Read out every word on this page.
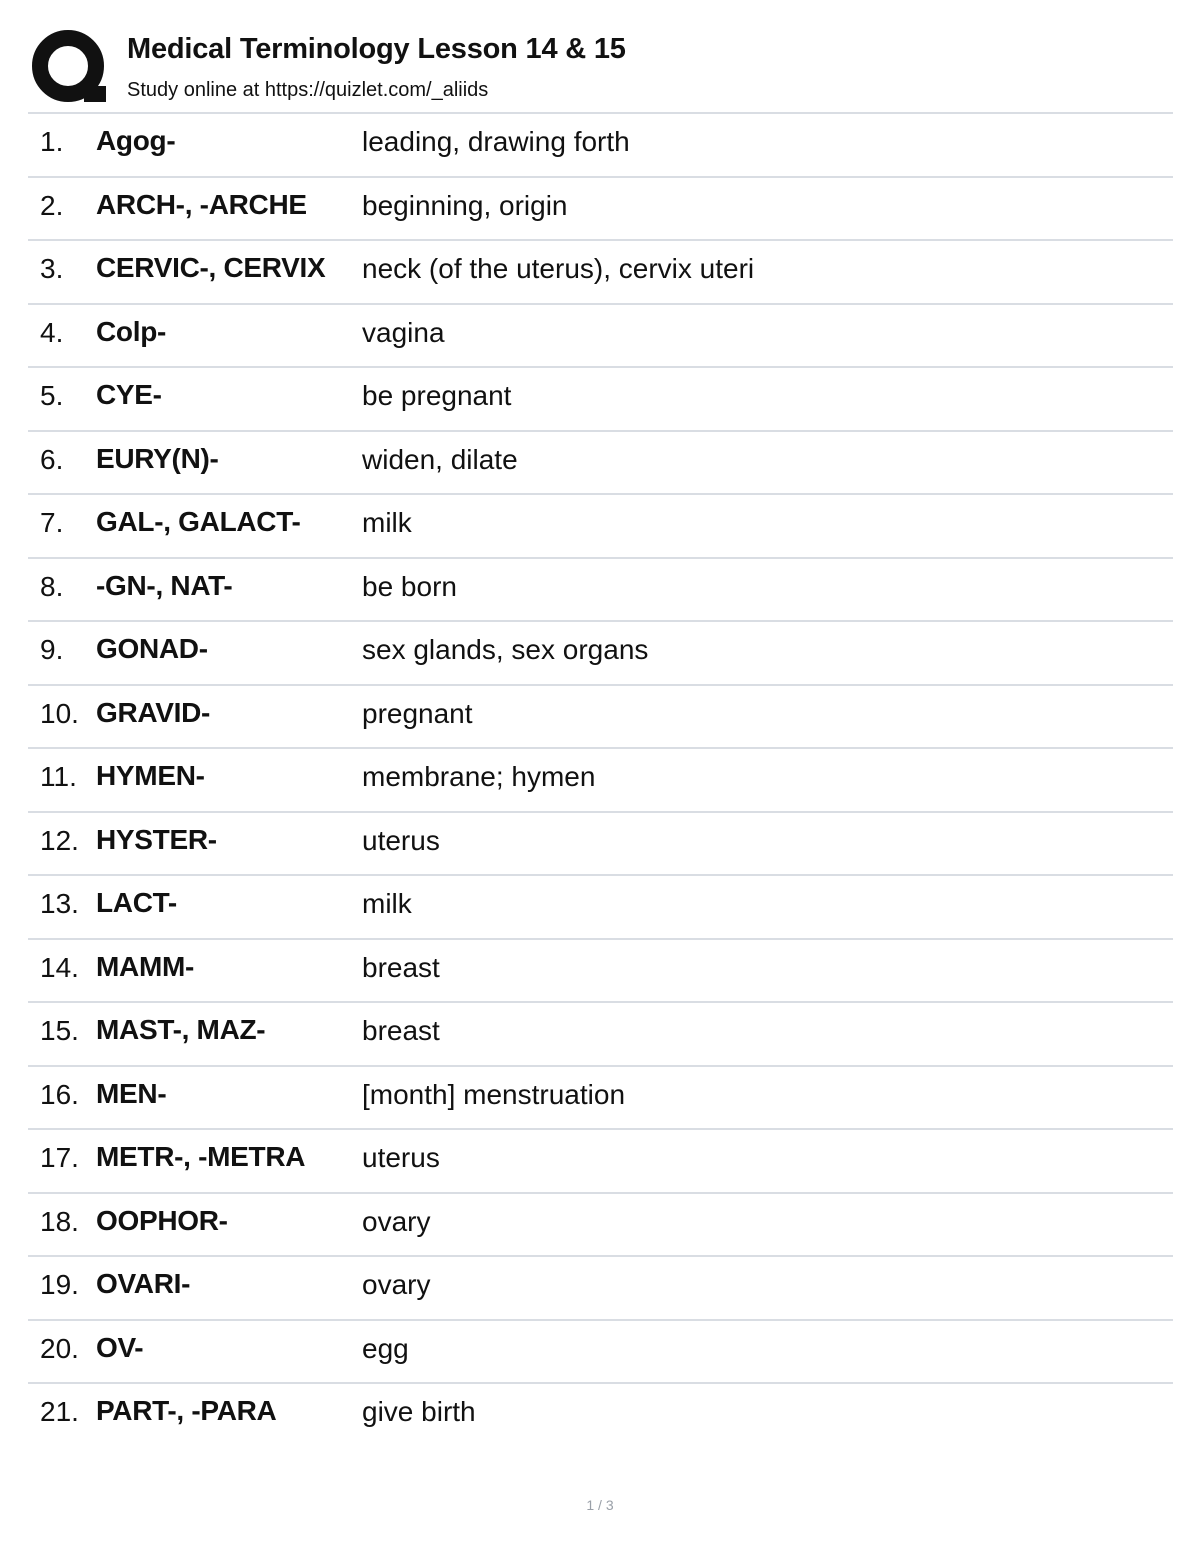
Medical Terminology Lesson 14 & 15
Study online at https://quizlet.com/_aliids
1. Agog-	leading, drawing forth
2. ARCH-, -ARCHE beginning, origin
3. CERVIC-, CERVIX neck (of the uterus), cervix uteri
4. Colp-	vagina
5. CYE-	be pregnant
6. EURY(N)-	widen, dilate
7. GAL-, GALACT- milk
8. -GN-, NAT-	be born
9. GONAD-	sex glands, sex organs
10. GRAVID-	pregnant
11. HYMEN-	membrane; hymen
12. HYSTER-	uterus
13. LACT-	milk
14. MAMM-	breast
15. MAST-, MAZ-	breast
16. MEN-	[month] menstruation
17. METR-, -METRA uterus
18. OOPHOR-	ovary
19. OVARI-	ovary
20. OV-	egg
21. PART-, -PARA	give birth
1 / 3
